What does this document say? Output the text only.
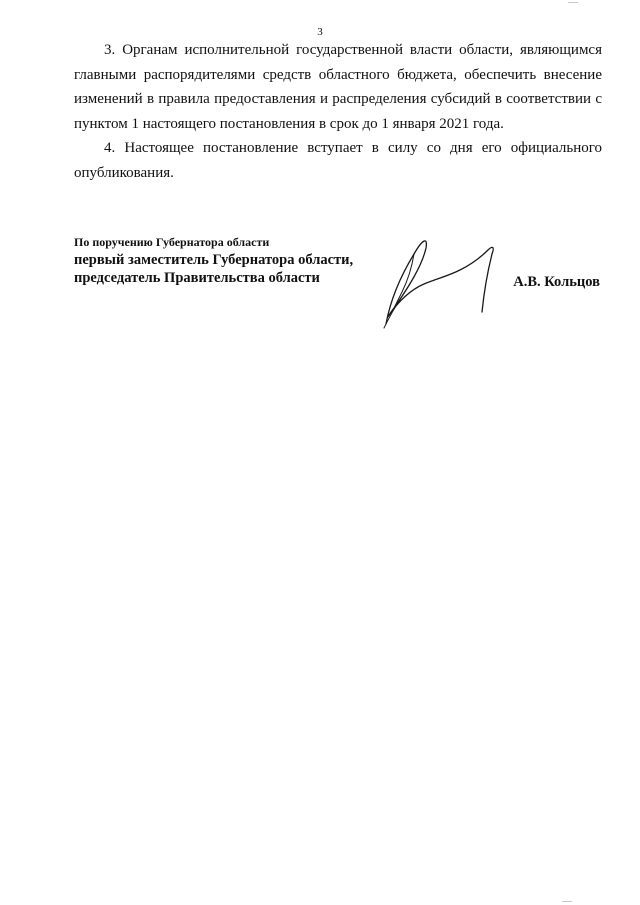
3

3. Органам исполнительной государственной власти области, являющимся главными распорядителями средств областного бюджета, обеспечить внесение изменений в правила предоставления и распределения субсидий в соответствии с пунктом 1 настоящего постановления в срок до 1 января 2021 года.

4. Настоящее постановление вступает в силу со дня его официального опубликования.

По поручению Губернатора области
первый заместитель Губернатора области,
председатель Правительства области	А.В. Кольцов
